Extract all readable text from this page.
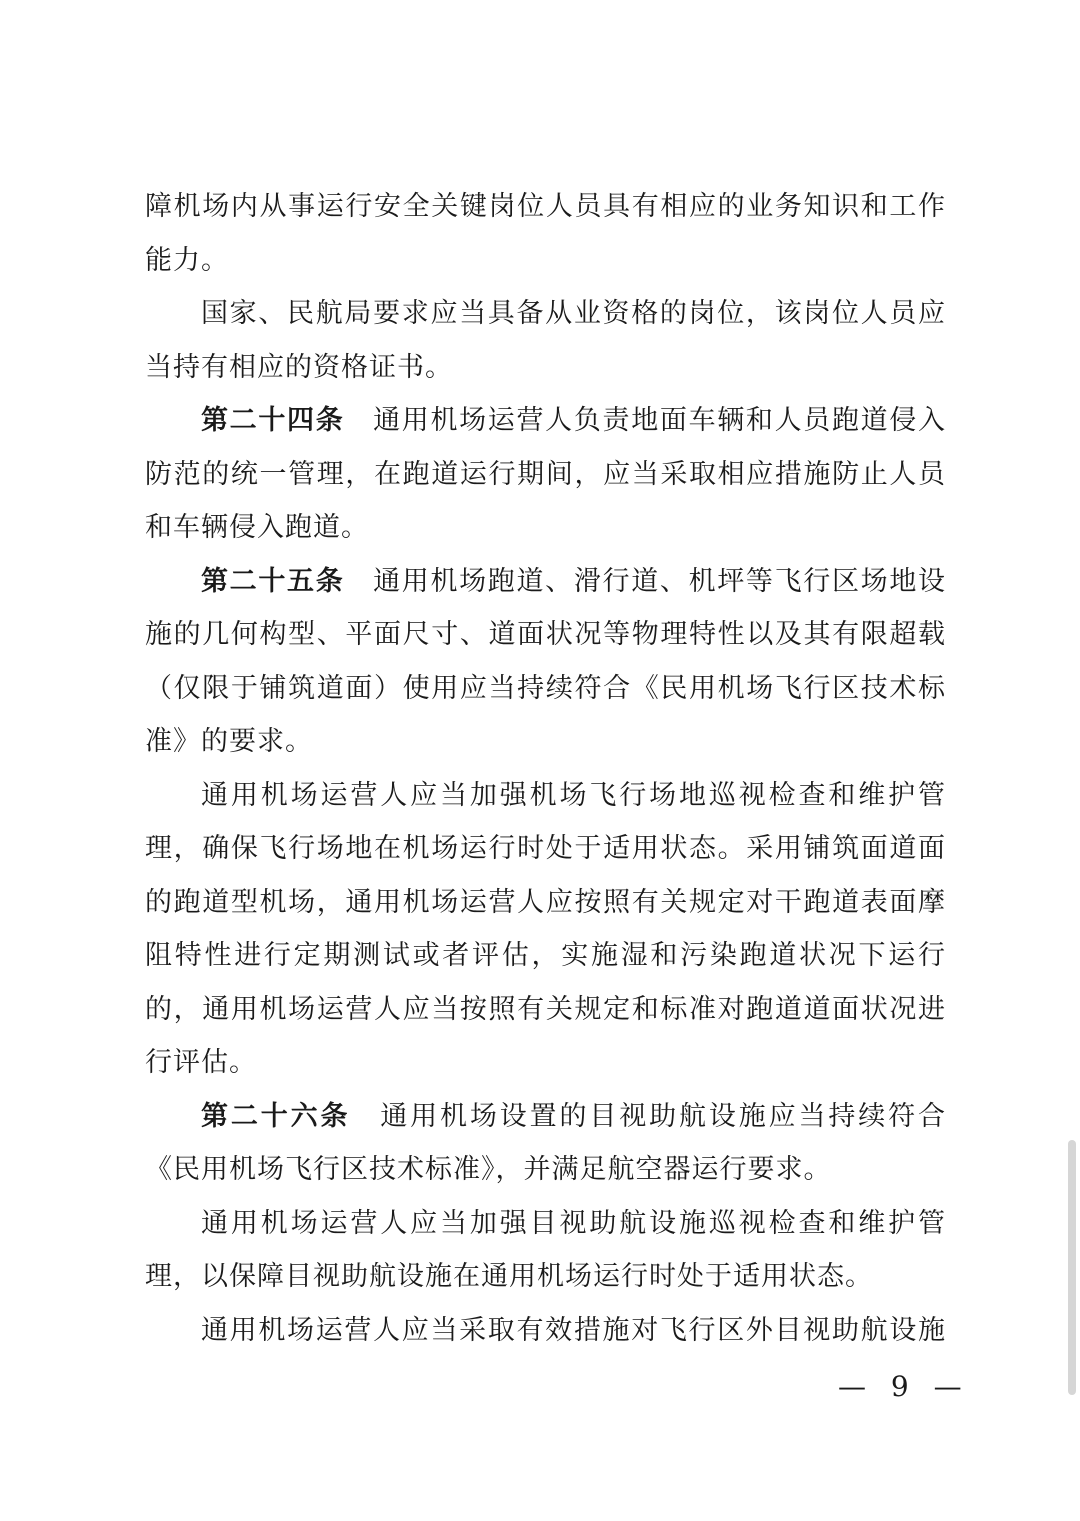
障机场内从事运行安全关键岗位人员具有相应的业务知识和工作
能力。
国家、民航局要求应当具备从业资格的岗位，该岗位人员应
当持有相应的资格证书。
第二十四条　通用机场运营人负责地面车辆和人员跑道侵入
防范的统一管理，在跑道运行期间，应当采取相应措施防止人员
和车辆侵入跑道。
第二十五条　通用机场跑道、滑行道、机坪等飞行区场地设
施的几何构型、平面尺寸、道面状况等物理特性以及其有限超载
（仅限于铺筑道面）使用应当持续符合《民用机场飞行区技术标
准》的要求。
通用机场运营人应当加强机场飞行场地巡视检查和维护管
理，确保飞行场地在机场运行时处于适用状态。采用铺筑面道面
的跑道型机场，通用机场运营人应按照有关规定对干跑道表面摩
阻特性进行定期测试或者评估，实施湿和污染跑道状况下运行
的，通用机场运营人应当按照有关规定和标准对跑道道面状况进
行评估。
第二十六条　通用机场设置的目视助航设施应当持续符合
《民用机场飞行区技术标准》，并满足航空器运行要求。
通用机场运营人应当加强目视助航设施巡视检查和维护管
理，以保障目视助航设施在通用机场运行时处于适用状态。
通用机场运营人应当采取有效措施对飞行区外目视助航设施
— 9 —
